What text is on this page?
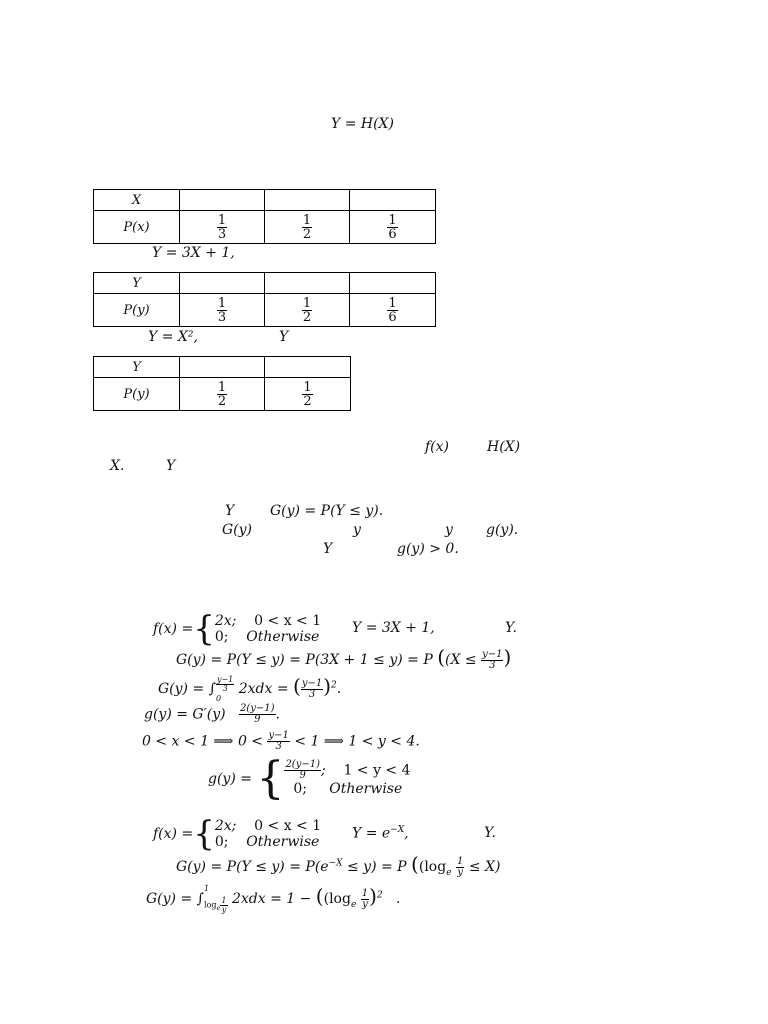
Y = H(X)
X			
P(x)	$\frac{1}{3}$	$\frac{1}{2}$	$\frac{1}{6}$
Y = 3X + 1,
Y			
P(y)	$\frac{1}{3}$	$\frac{1}{2}$	$\frac{1}{6}$
Y = X²,	Y
Y		
P(y)	$\frac{1}{2}$	$\frac{1}{2}$
f(x)	H(X)
X.	Y
Y	G(y) = P(Y ≤ y).
G(y)	y	y g(y).
Y	g(y) > 0.
f(x) ={2x; 0 < x < 1
0; Otherwise
Y = 3X + 1,	Y.
G(y) = P(Y ≤ y) = P(3X + 1 ≤ y) = P (($X \le \frac{y-1}{3}$ )
G(y) = ∫
y−1
3
0
2xdx = ( $\frac{y-1}{3} )^2$.
$g(y) = G'(y) \frac{2(y-1)}{9}$ .
0 < x < 1 ⟹ $0 < \frac{y-1}{3} < 1$ ⟹ 1 < y < 4.
g(y) = { $\frac{2(y-1)}{9}$ ; 1 < y < 4
0; Otherwise
f(x) ={2x; 0 < x < 1
0; Otherwise
$Y = e^{-X}$,	Y.
$G(y) = P(Y \le y) = P(e^{-X} \le y) = P$ ($(\log_e \frac{1}{y} \le X)$
G(y) = ∫
1
$\log_e \frac{1}{y} 2xdx = 1 - ((\log_e \frac{1}{y} )^2$ .
